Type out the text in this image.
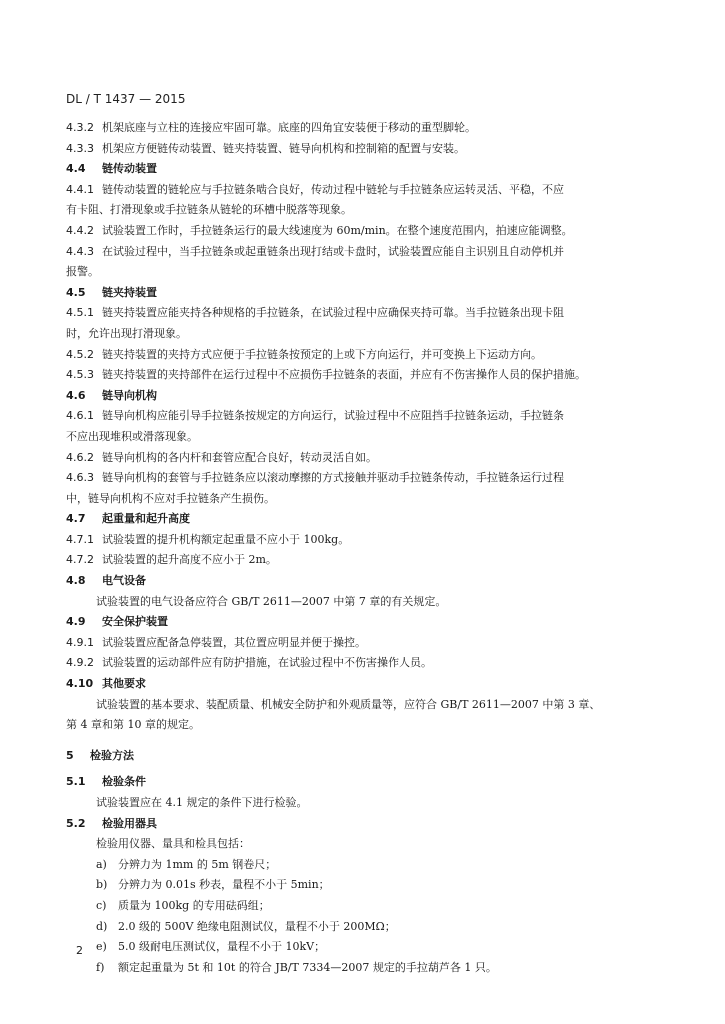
DL / T 1437 — 2015
4.3.2 机架底座与立柱的连接应牢固可靠。底座的四角宜安装便于移动的重型脚轮。
4.3.3 机架应方便链传动装置、链夹持装置、链导向机构和控制箱的配置与安装。
4.4 链传动装置
4.4.1 链传动装置的链轮应与手拉链条啮合良好，传动过程中链轮与手拉链条应运转灵活、平稳，不应
有卡阻、打滑现象或手拉链条从链轮的环槽中脱落等现象。
4.4.2 试验装置工作时，手拉链条运行的最大线速度为 60m/min。在整个速度范围内，拍速应能调整。
4.4.3 在试验过程中，当手拉链条或起重链条出现打结或卡盘时，试验装置应能自主识别且自动停机并
报警。
4.5 链夹持装置
4.5.1 链夹持装置应能夹持各种规格的手拉链条，在试验过程中应确保夹持可靠。当手拉链条出现卡阻
时，允许出现打滑现象。
4.5.2 链夹持装置的夹持方式应便于手拉链条按预定的上或下方向运行，并可变换上下运动方向。
4.5.3 链夹持装置的夹持部件在运行过程中不应损伤手拉链条的表面，并应有不伤害操作人员的保护措施。
4.6 链导向机构
4.6.1 链导向机构应能引导手拉链条按规定的方向运行，试验过程中不应阻挡手拉链条运动，手拉链条
不应出现堆积或滑落现象。
4.6.2 链导向机构的各内杆和套管应配合良好，转动灵活自如。
4.6.3 链导向机构的套管与手拉链条应以滚动摩擦的方式接触并驱动手拉链条传动，手拉链条运行过程
中，链导向机构不应对手拉链条产生损伤。
4.7 起重量和起升高度
4.7.1 试验装置的提升机构额定起重量不应小于 100kg。
4.7.2 试验装置的起升高度不应小于 2m。
4.8 电气设备
试验装置的电气设备应符合 GB/T 2611—2007 中第 7 章的有关规定。
4.9 安全保护装置
4.9.1 试验装置应配备急停装置，其位置应明显并便于操控。
4.9.2 试验装置的运动部件应有防护措施，在试验过程中不伤害操作人员。
4.10 其他要求
试验装置的基本要求、装配质量、机械安全防护和外观质量等，应符合 GB/T 2611—2007 中第 3 章、
第 4 章和第 10 章的规定。
5 检验方法
5.1 检验条件
试验装置应在 4.1 规定的条件下进行检验。
5.2 检验用器具
检验用仪器、量具和检具包括：
a) 分辨力为 1mm 的 5m 钢卷尺；
b) 分辨力为 0.01s 秒表，量程不小于 5min；
c) 质量为 100kg 的专用砝码组；
d) 2.0 级的 500V 绝缘电阻测试仪，量程不小于 200MΩ；
e) 5.0 级耐电压测试仪，量程不小于 10kV；
f) 额定起重量为 5t 和 10t 的符合 JB/T 7334—2007 规定的手拉葫芦各 1 只。
2
